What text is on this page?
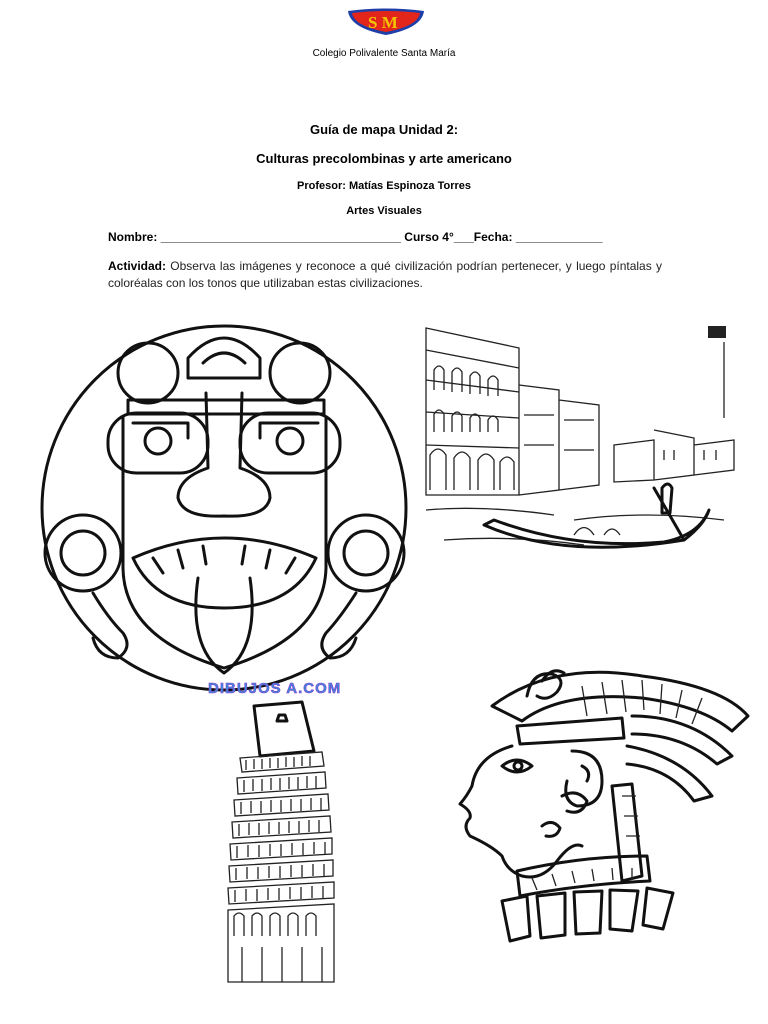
S M
Colegio Polivalente Santa María
Guía de mapa Unidad 2:
Culturas precolombinas y arte americano
Profesor: Matías Espinoza Torres
Artes Visuales
Nombre: ____________________________________ Curso 4°___Fecha: _____________
Actividad: Observa las imágenes y reconoce a qué civilización podrían pertenecer, y luego píntalas y coloréalas con los tonos que utilizaban estas civilizaciones.
DIBUJOS A.COM
